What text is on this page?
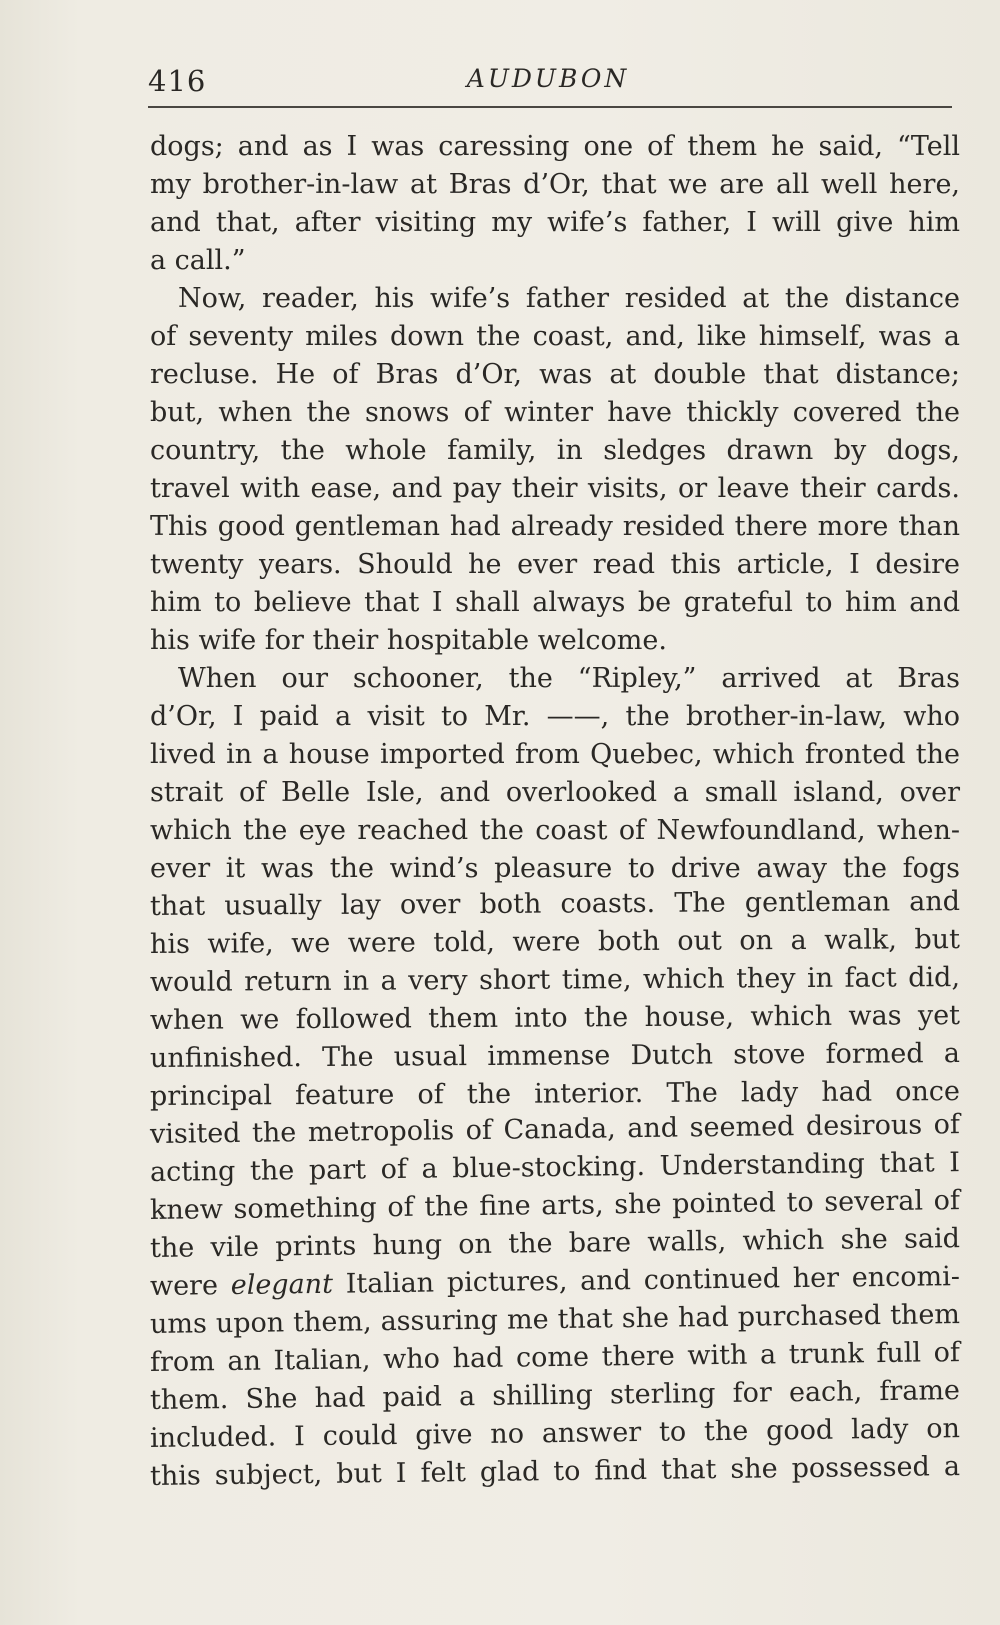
416	AUDUBON
dogs; and as I was caressing one of them he said, “Tell
my brother-in-law at Bras d’Or, that we are all well here,
and that, after visiting my wife’s father, I will give him
a call.”
Now, reader, his wife’s father resided at the distance
of seventy miles down the coast, and, like himself, was a
recluse. He of Bras d’Or, was at double that distance;
but, when the snows of winter have thickly covered the
country, the whole family, in sledges drawn by dogs,
travel with ease, and pay their visits, or leave their cards.
This good gentleman had already resided there more than
twenty years. Should he ever read this article, I desire
him to believe that I shall always be grateful to him and
his wife for their hospitable welcome.
When our schooner, the “Ripley,” arrived at Bras
d’Or, I paid a visit to Mr. ——, the brother-in-law, who
lived in a house imported from Quebec, which fronted the
strait of Belle Isle, and overlooked a small island, over
which the eye reached the coast of Newfoundland, when-
ever it was the wind’s pleasure to drive away the fogs
that usually lay over both coasts. The gentleman and
his wife, we were told, were both out on a walk, but
would return in a very short time, which they in fact did,
when we followed them into the house, which was yet
unfinished. The usual immense Dutch stove formed a
principal feature of the interior. The lady had once
visited the metropolis of Canada, and seemed desirous of
acting the part of a blue-stocking. Understanding that I
knew something of the fine arts, she pointed to several of
the vile prints hung on the bare walls, which she said
were elegant Italian pictures, and continued her encomi-
ums upon them, assuring me that she had purchased them
from an Italian, who had come there with a trunk full of
them. She had paid a shilling sterling for each, frame
included. I could give no answer to the good lady on
this subject, but I felt glad to find that she possessed a
